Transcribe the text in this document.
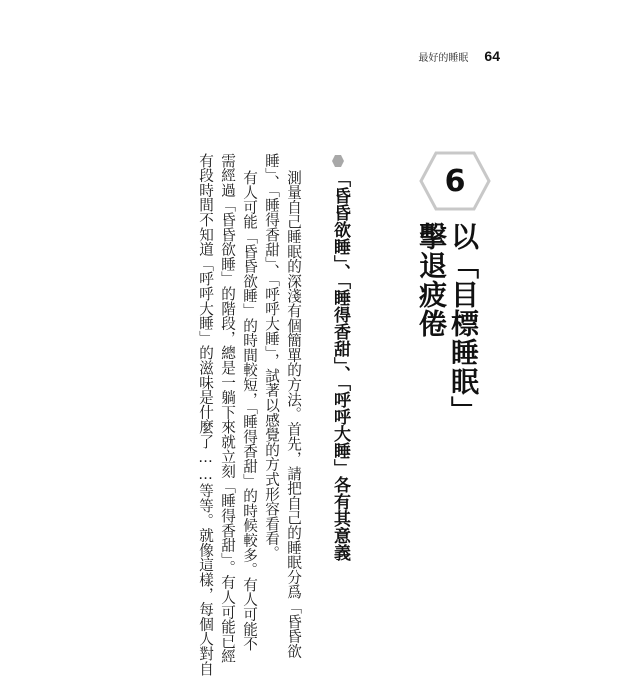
最好的睡眠 64
6
以「目標睡眠」
擊退疲倦
「昏昏欲睡」、「睡得香甜」、「呼呼大睡」各有其意義
測量自己睡眠的深淺有個簡單的方法。首先，請把自己的睡眠分爲「昏昏欲
睡」、「睡得香甜」、「呼呼大睡」，試著以感覺的方式形容看看。
有人可能「昏昏欲睡」的時間較短，「睡得香甜」的時候較多。有人可能不
需經過「昏昏欲睡」的階段，總是一躺下來就立刻「睡得香甜」。有人可能已經
有段時間不知道「呼呼大睡」的滋味是什麼了……等等。就像這樣，每個人對自
